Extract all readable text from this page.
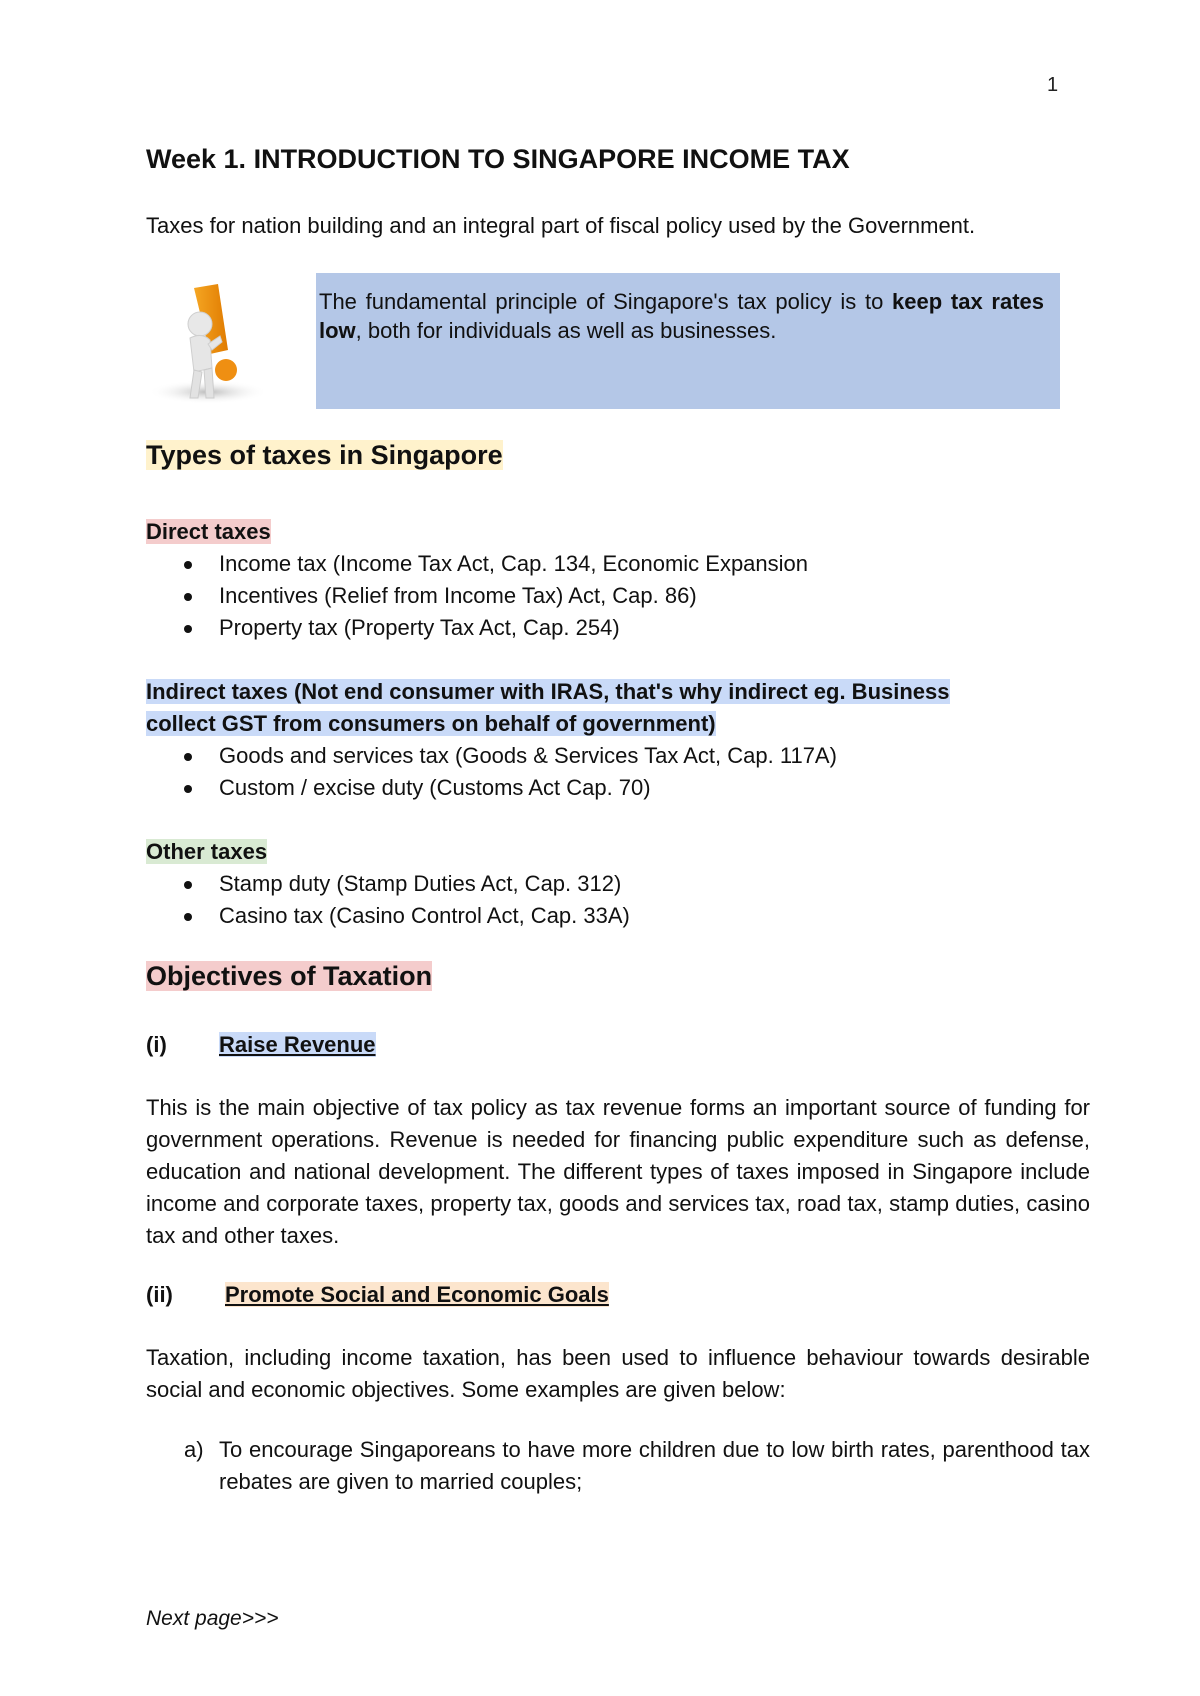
1
Week 1. INTRODUCTION TO SINGAPORE INCOME TAX

Taxes for nation building and an integral part of fiscal policy used by the Government.

The fundamental principle of Singapore's tax policy is to keep tax rates low, both for individuals as well as businesses.
Types of taxes in Singapore
Direct taxes
Income tax (Income Tax Act, Cap. 134, Economic Expansion
Incentives (Relief from Income Tax) Act, Cap. 86)
Property tax (Property Tax Act, Cap. 254)
Indirect taxes (Not end consumer with IRAS, that's why indirect eg. Business
collect GST from consumers on behalf of government)
Goods and services tax (Goods & Services Tax Act, Cap. 117A)
Custom / excise duty (Customs Act Cap. 70)
Other taxes
Stamp duty (Stamp Duties Act, Cap. 312)
Casino tax (Casino Control Act, Cap. 33A)
Objectives of Taxation
(i) Raise Revenue

This is the main objective of tax policy as tax revenue forms an important source of funding for government operations. Revenue is needed for financing public expenditure such as defense, education and national development. The different types of taxes imposed in Singapore include income and corporate taxes, property tax, goods and services tax, road tax, stamp duties, casino tax and other taxes.

(ii) Promote Social and Economic Goals

Taxation, including income taxation, has been used to influence behaviour towards desirable social and economic objectives. Some examples are given below:

a) To encourage Singaporeans to have more children due to low birth rates, parenthood tax rebates are given to married couples;
Next page>>>
